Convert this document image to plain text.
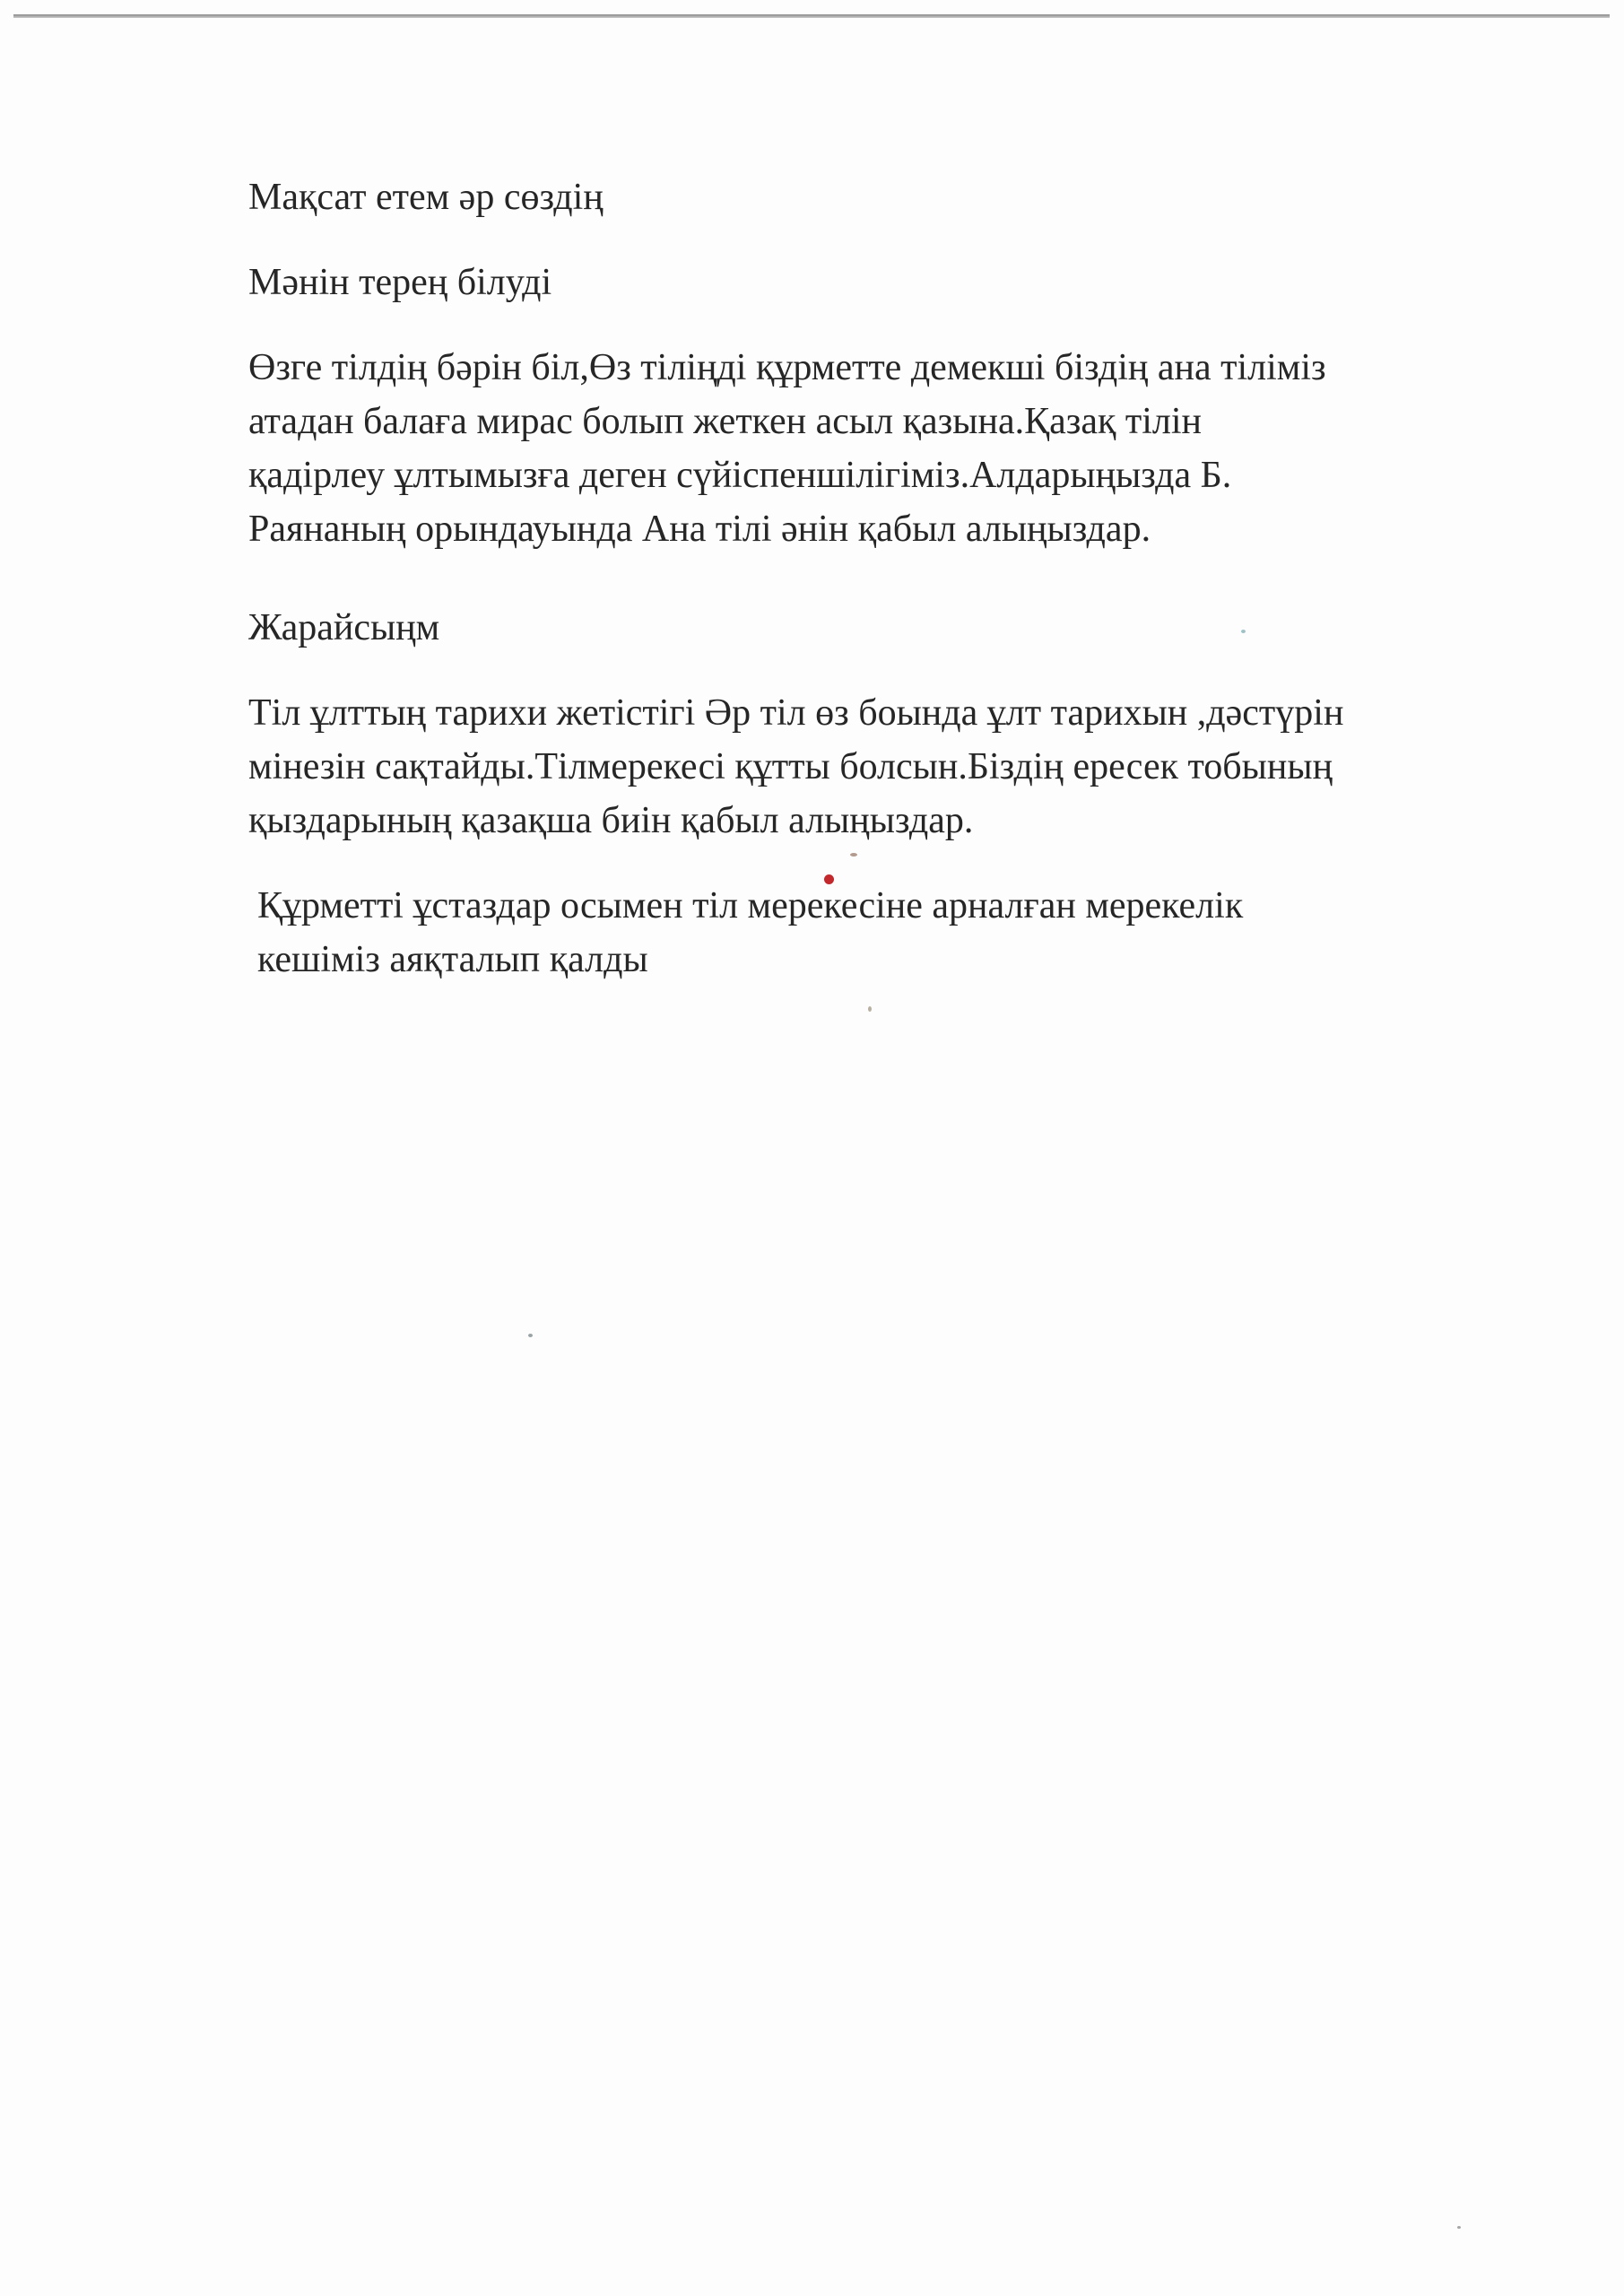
Мақсат етем әр сөздің

Мәнін терең білуді

Өзге тілдің бәрін біл,Өз тіліңді құрметте демекші біздің ана тіліміз
атадан балаға мирас болып жеткен асыл қазына.Қазақ тілін
қадірлеу ұлтымызға деген сүйіспеншілігіміз.Алдарыңызда Б.
Раянаның орындауында Ана тілі әнін қабыл алыңыздар.

Жарайсыңм

Тіл ұлттың тарихи жетістігі Әр тіл өз боында ұлт тарихын ,дәстүрін
мінезін сақтайды.Тілмерекесі құтты болсын.Біздің ересек тобының
қыздарының қазақша биін қабыл алыңыздар.

Құрметті ұстаздар осымен тіл мерекесіне арналған мерекелік
кешіміз аяқталып қалды
